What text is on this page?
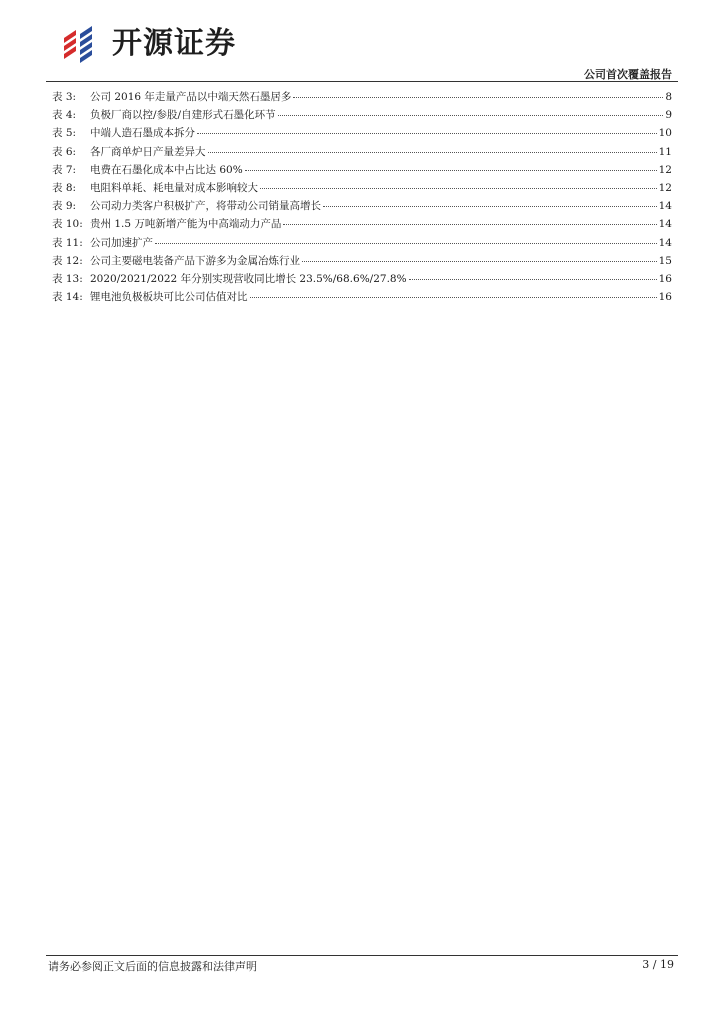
开源证券
公司首次覆盖报告
表 3:	公司 2016 年走量产品以中端天然石墨居多	8
表 4:	负极厂商以控/参股/自建形式石墨化环节	9
表 5:	中端人造石墨成本拆分	10
表 6:	各厂商单炉日产量差异大	11
表 7:	电费在石墨化成本中占比达 60%	12
表 8:	电阻料单耗、耗电量对成本影响较大	12
表 9:	公司动力类客户积极扩产，将带动公司销量高增长	14
表 10: 贵州 1.5 万吨新增产能为中高端动力产品	14
表 11: 公司加速扩产	14
表 12: 公司主要磁电装备产品下游多为金属冶炼行业	15
表 13: 2020/2021/2022 年分别实现营收同比增长 23.5%/68.6%/27.8%	16
表 14: 锂电池负极板块可比公司估值对比	16
请务必参阅正文后面的信息披露和法律声明	3 / 19
